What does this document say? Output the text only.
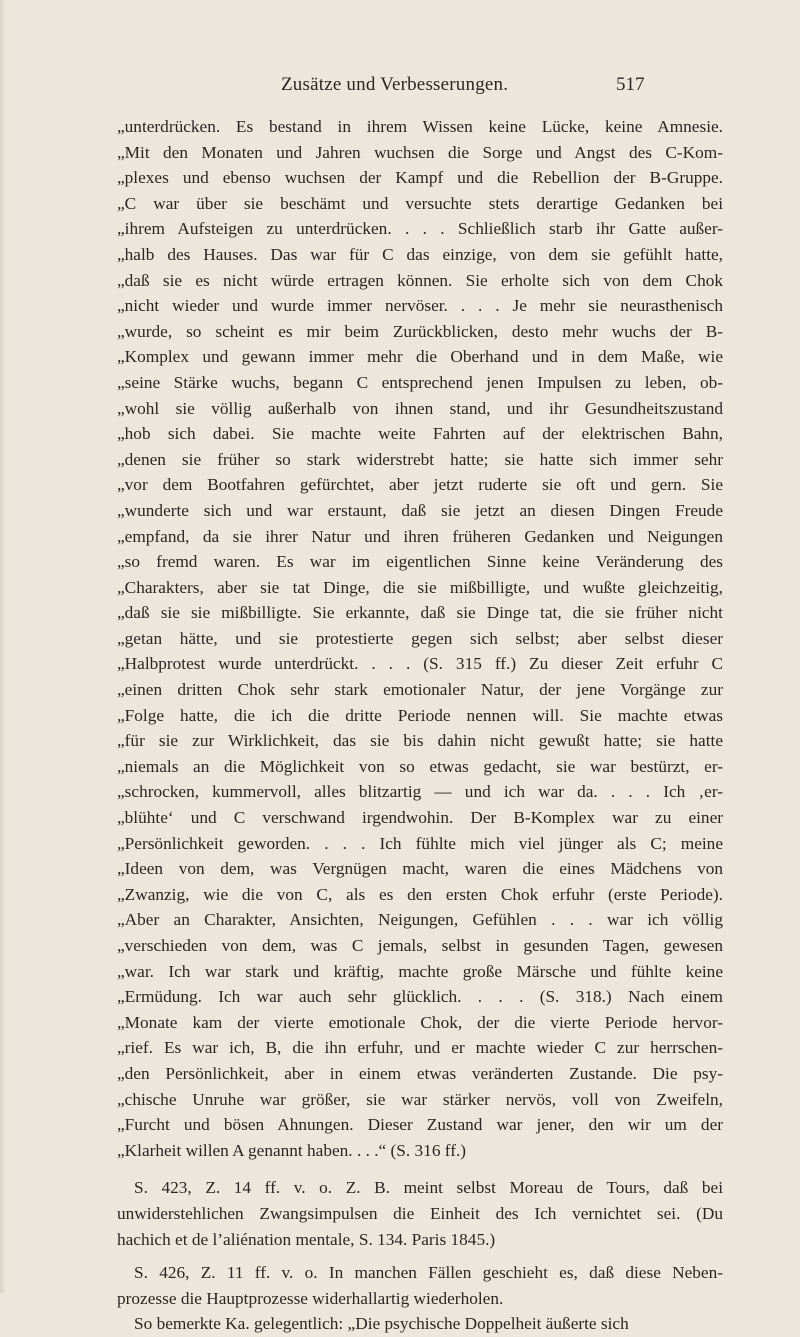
Zusätze und Verbesserungen.	517
„unterdrücken. Es bestand in ihrem Wissen keine Lücke, keine Amnesie.
„Mit den Monaten und Jahren wuchsen die Sorge und Angst des C-Kom-
„plexes und ebenso wuchsen der Kampf und die Rebellion der B-Gruppe.
„C war über sie beschämt und versuchte stets derartige Gedanken bei
„ihrem Aufsteigen zu unterdrücken. . . . Schließlich starb ihr Gatte außer-
„halb des Hauses. Das war für C das einzige, von dem sie gefühlt hatte,
„daß sie es nicht würde ertragen können. Sie erholte sich von dem Chok
„nicht wieder und wurde immer nervöser. . . . Je mehr sie neurasthenisch
„wurde, so scheint es mir beim Zurückblicken, desto mehr wuchs der B-
„Komplex und gewann immer mehr die Oberhand und in dem Maße, wie
„seine Stärke wuchs, begann C entsprechend jenen Impulsen zu leben, ob-
„wohl sie völlig außerhalb von ihnen stand, und ihr Gesundheitszustand
„hob sich dabei. Sie machte weite Fahrten auf der elektrischen Bahn,
„denen sie früher so stark widerstrebt hatte; sie hatte sich immer sehr
„vor dem Bootfahren gefürchtet, aber jetzt ruderte sie oft und gern. Sie
„wunderte sich und war erstaunt, daß sie jetzt an diesen Dingen Freude
„empfand, da sie ihrer Natur und ihren früheren Gedanken und Neigungen
„so fremd waren. Es war im eigentlichen Sinne keine Veränderung des
„Charakters, aber sie tat Dinge, die sie mißbilligte, und wußte gleichzeitig,
„daß sie sie mißbilligte. Sie erkannte, daß sie Dinge tat, die sie früher nicht
„getan hätte, und sie protestierte gegen sich selbst; aber selbst dieser
„Halbprotest wurde unterdrückt. . . . (S. 315 ff.) Zu dieser Zeit erfuhr C
„einen dritten Chok sehr stark emotionaler Natur, der jene Vorgänge zur
„Folge hatte, die ich die dritte Periode nennen will. Sie machte etwas
„für sie zur Wirklichkeit, das sie bis dahin nicht gewußt hatte; sie hatte
„niemals an die Möglichkeit von so etwas gedacht, sie war bestürzt, er-
„schrocken, kummervoll, alles blitzartig — und ich war da. . . . Ich ‚er-
„blühte‘ und C verschwand irgendwohin. Der B-Komplex war zu einer
„Persönlichkeit geworden. . . . Ich fühlte mich viel jünger als C; meine
„Ideen von dem, was Vergnügen macht, waren die eines Mädchens von
„Zwanzig, wie die von C, als es den ersten Chok erfuhr (erste Periode).
„Aber an Charakter, Ansichten, Neigungen, Gefühlen . . . war ich völlig
„verschieden von dem, was C jemals, selbst in gesunden Tagen, gewesen
„war. Ich war stark und kräftig, machte große Märsche und fühlte keine
„Ermüdung. Ich war auch sehr glücklich. . . . (S. 318.) Nach einem
„Monate kam der vierte emotionale Chok, der die vierte Periode hervor-
„rief. Es war ich, B, die ihn erfuhr, und er machte wieder C zur herrschen-
„den Persönlichkeit, aber in einem etwas veränderten Zustande. Die psy-
„chische Unruhe war größer, sie war stärker nervös, voll von Zweifeln,
„Furcht und bösen Ahnungen. Dieser Zustand war jener, den wir um der
„Klarheit willen A genannt haben. . . .“ (S. 316 ff.)
S. 423, Z. 14 ff. v. o. Z. B. meint selbst Moreau de Tours, daß bei
unwiderstehlichen Zwangsimpulsen die Einheit des Ich vernichtet sei. (Du
hachich et de l’aliénation mentale, S. 134. Paris 1845.)
S. 426, Z. 11 ff. v. o. In manchen Fällen geschieht es, daß diese Neben-
prozesse die Hauptprozesse widerhallartig wiederholen.
So bemerkte Ka. gelegentlich: „Die psychische Doppelheit äußerte sich
